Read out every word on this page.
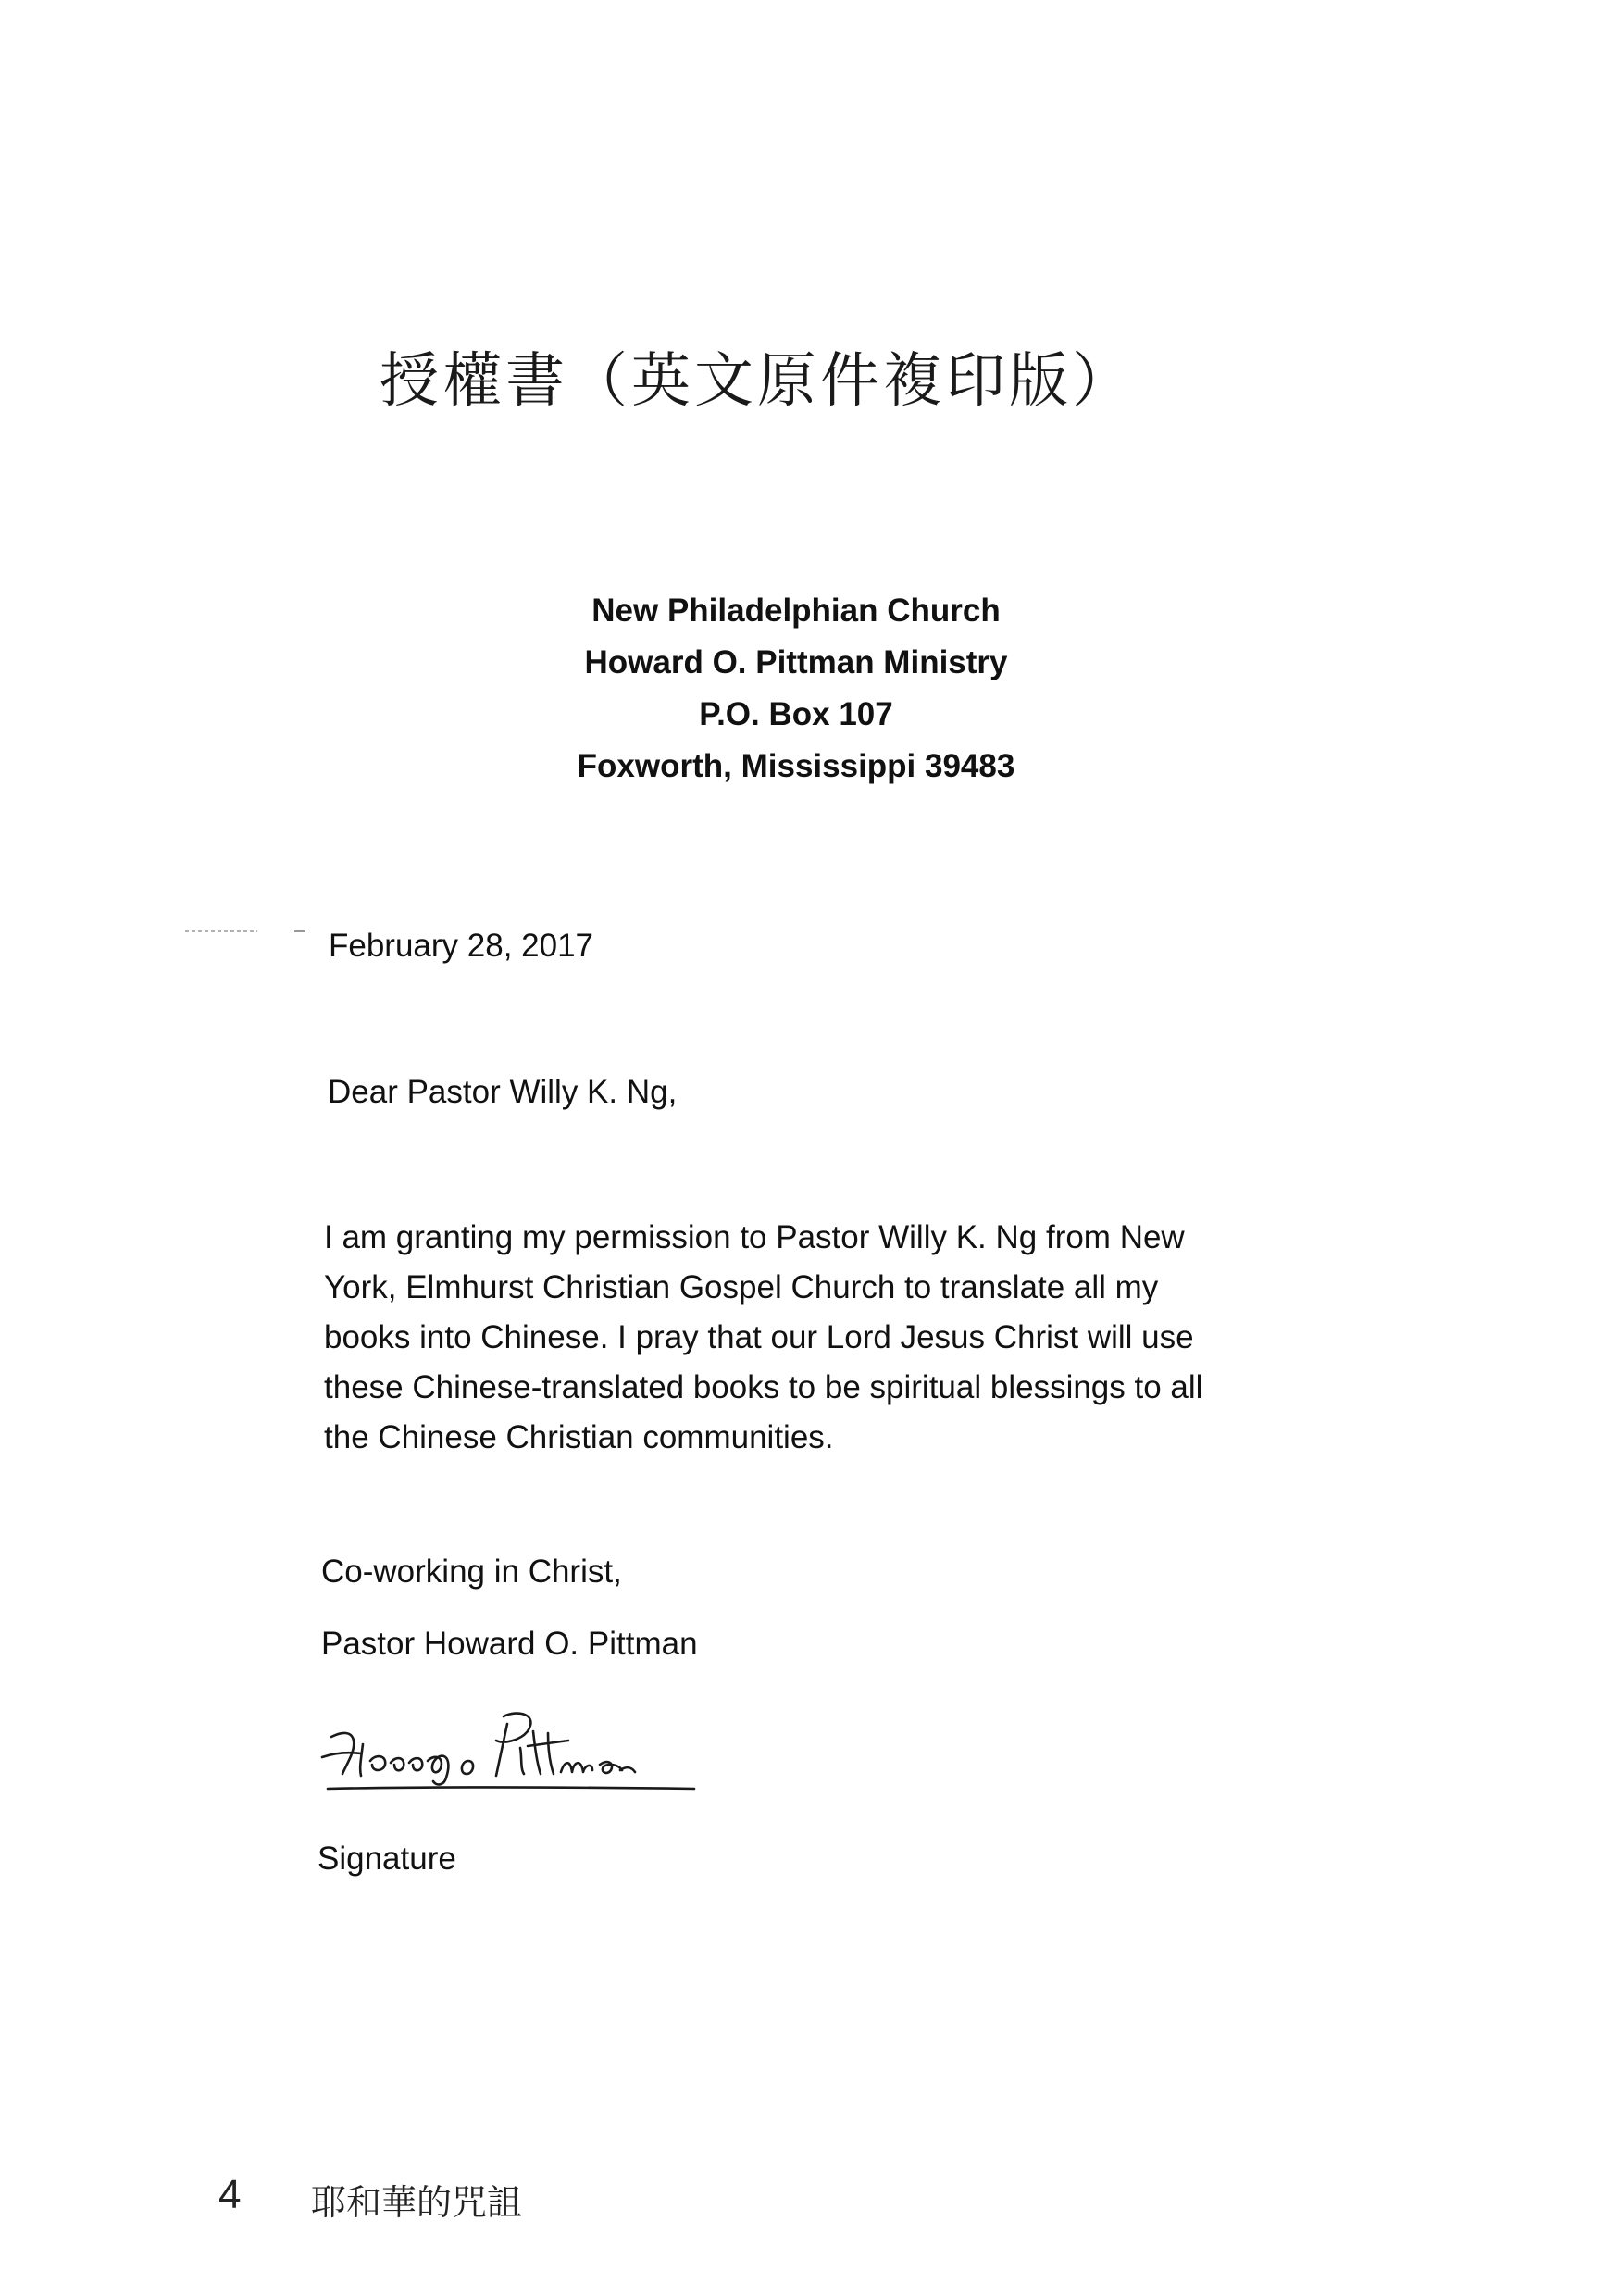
授權書（英文原件複印版）
New Philadelphian Church
Howard O. Pittman Ministry
P.O. Box 107
Foxworth, Mississippi 39483
February 28, 2017
Dear Pastor Willy K. Ng,
I am granting my permission to Pastor Willy K. Ng from New
York, Elmhurst Christian Gospel Church to translate all my
books into Chinese. I pray that our Lord Jesus Christ will use
these Chinese-translated books to be spiritual blessings to all
the Chinese Christian communities.
Co-working in Christ,
Pastor Howard O. Pittman
Signature
4 耶和華的咒詛
